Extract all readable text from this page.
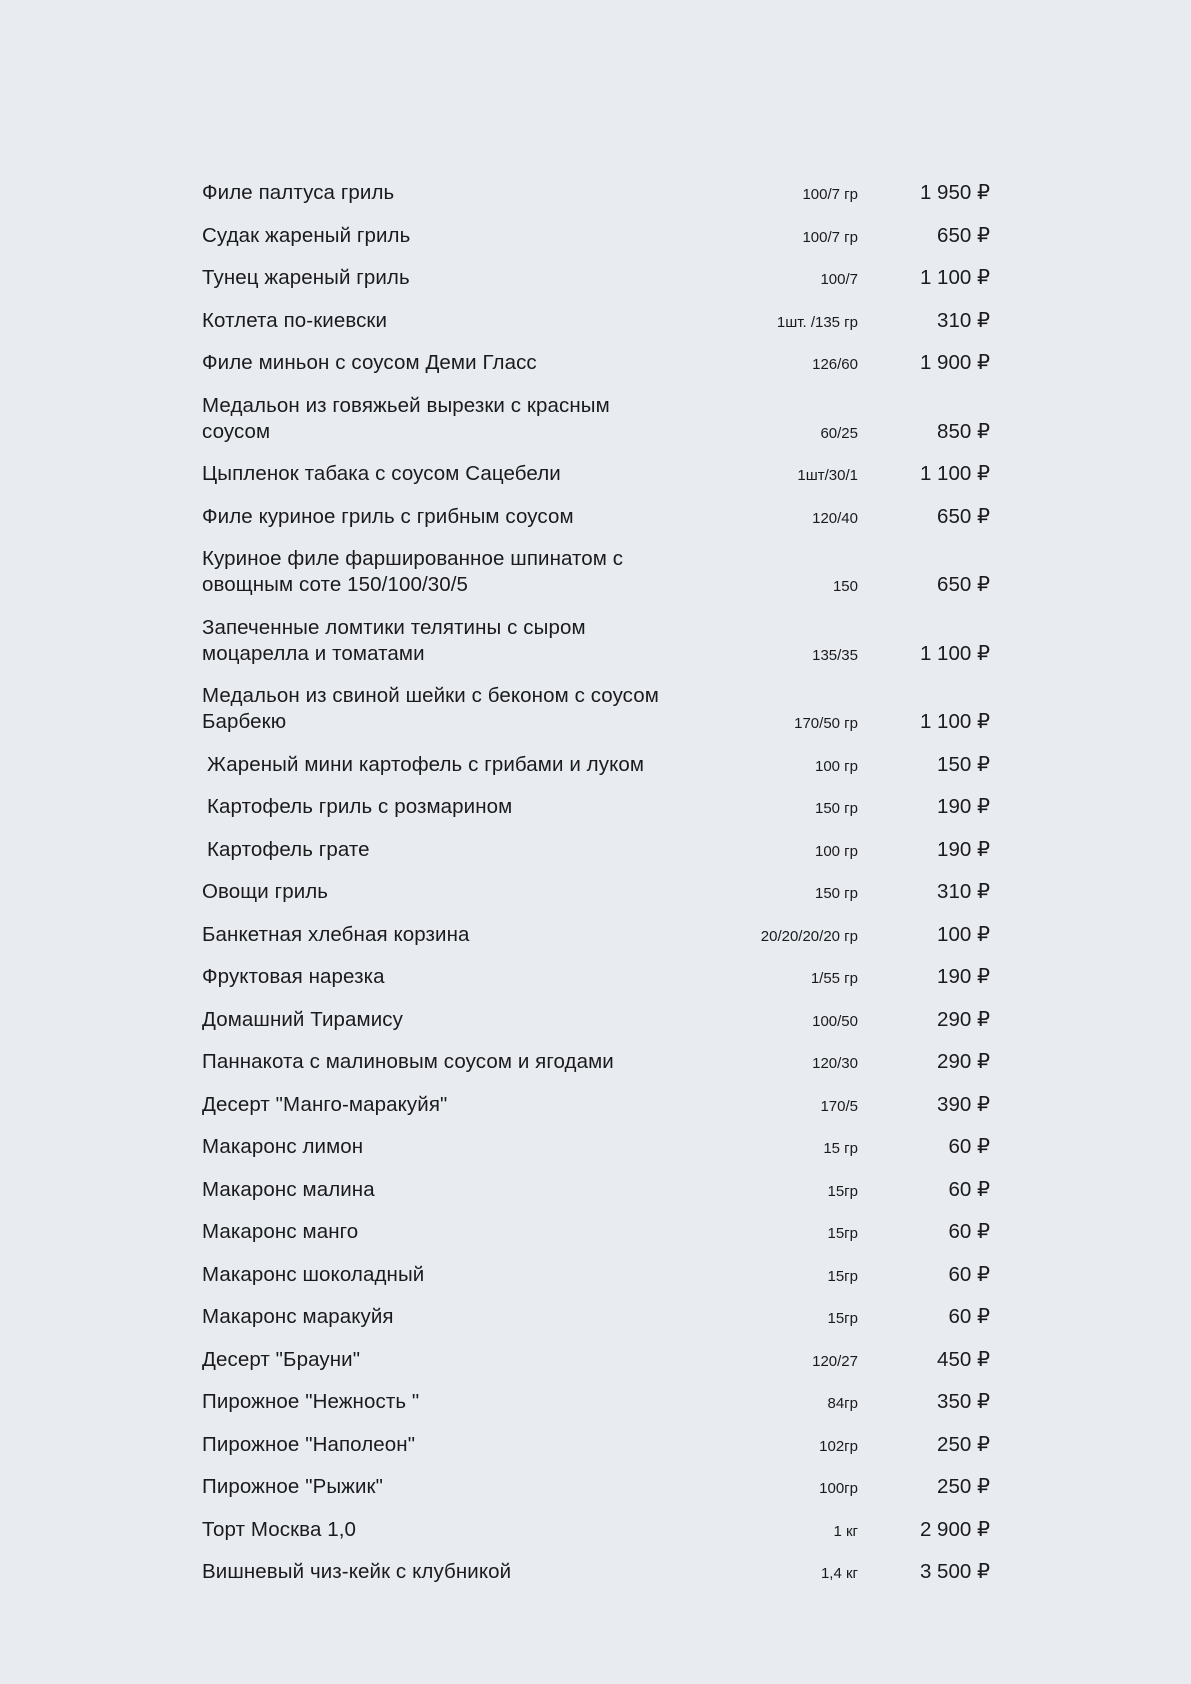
Филе палтуса гриль	100/7 гр	1 950 ₽
Судак жареный гриль	100/7 гр	650 ₽
Тунец жареный гриль	100/7	1 100 ₽
Котлета по-киевски	1шт. /135 гр	310 ₽
Филе миньон с соусом Деми Гласс	126/60	1 900 ₽
Медальон из говяжьей вырезки с красным соусом	60/25	850 ₽
Цыпленок табака с соусом Сацебели	1шт/30/1	1 100 ₽
Филе куриное гриль с грибным соусом	120/40	650 ₽
Куриное филе фаршированное шпинатом с овощным соте 150/100/30/5	150	650 ₽
Запеченные ломтики телятины с сыром моцарелла и томатами	135/35	1 100 ₽
Медальон из свиной шейки с беконом с соусом Барбекю	170/50 гр	1 100 ₽
Жареный мини картофель с грибами и луком	100 гр	150 ₽
Картофель гриль с розмарином	150 гр	190 ₽
Картофель грате	100 гр	190 ₽
Овощи гриль	150 гр	310 ₽
Банкетная хлебная корзина	20/20/20/20 гр	100 ₽
Фруктовая нарезка	1/55 гр	190 ₽
Домашний Тирамису	100/50	290 ₽
Паннакота с малиновым соусом и ягодами	120/30	290 ₽
Десерт "Манго-маракуйя"	170/5	390 ₽
Макаронс лимон	15 гр	60 ₽
Макаронс малина	15гр	60 ₽
Макаронс манго	15гр	60 ₽
Макаронс шоколадный	15гр	60 ₽
Макаронс маракуйя	15гр	60 ₽
Десерт "Брауни"	120/27	450 ₽
Пирожное "Нежность "	84гр	350 ₽
Пирожное "Наполеон"	102гр	250 ₽
Пирожное "Рыжик"	100гр	250 ₽
Торт Москва 1,0	1 кг	2 900 ₽
Вишневый чиз-кейк с клубникой	1,4 кг	3 500 ₽
